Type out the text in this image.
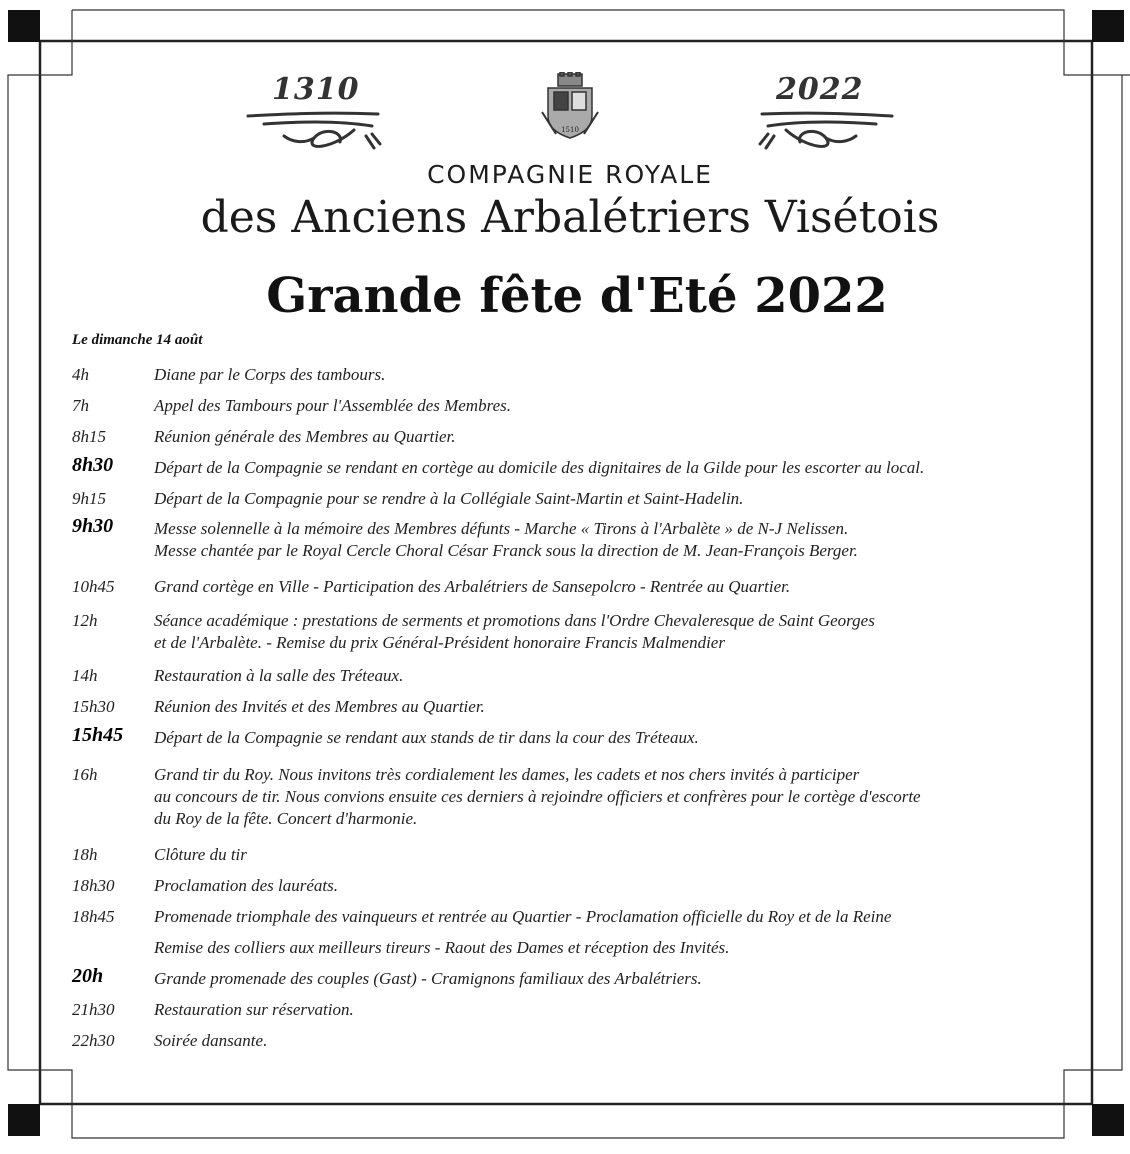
1310	2022
1510
COMPAGNIE ROYALE
des Anciens Arbalétriers Visétois
Grande fête d'Eté 2022
Le dimanche 14 août
4h	Diane par le Corps des tambours.
7h	Appel des Tambours pour l'Assemblée des Membres.
8h15	Réunion générale des Membres au Quartier.
8h30	Départ de la Compagnie se rendant en cortège au domicile des dignitaires de la Gilde pour les escorter au local.
9h15	Départ de la Compagnie pour se rendre à la Collégiale Saint-Martin et Saint-Hadelin.
9h30	Messe solennelle à la mémoire des Membres défunts - Marche « Tirons à l'Arbalète » de N-J Nelissen.
Messe chantée par le Royal Cercle Choral César Franck sous la direction de M. Jean-François Berger.
10h45	Grand cortège en Ville - Participation des Arbalétriers de Sansepolcro - Rentrée au Quartier.
12h	Séance académique : prestations de serments et promotions dans l'Ordre Chevaleresque de Saint Georges
et de l'Arbalète. - Remise du prix Général-Président honoraire Francis Malmendier
14h	Restauration à la salle des Tréteaux.
15h30	Réunion des Invités et des Membres au Quartier.
15h45	Départ de la Compagnie se rendant aux stands de tir dans la cour des Tréteaux.
16h	Grand tir du Roy. Nous invitons très cordialement les dames, les cadets et nos chers invités à participer
au concours de tir. Nous convions ensuite ces derniers à rejoindre officiers et confrères pour le cortège d'escorte
du Roy de la fête. Concert d'harmonie.
18h	Clôture du tir
18h30	Proclamation des lauréats.
18h45	Promenade triomphale des vainqueurs et rentrée au Quartier - Proclamation officielle du Roy et de la Reine
Remise des colliers aux meilleurs tireurs - Raout des Dames et réception des Invités.
20h	Grande promenade des couples (Gast) - Cramignons familiaux des Arbalétriers.
21h30	Restauration sur réservation.
22h30	Soirée dansante.
